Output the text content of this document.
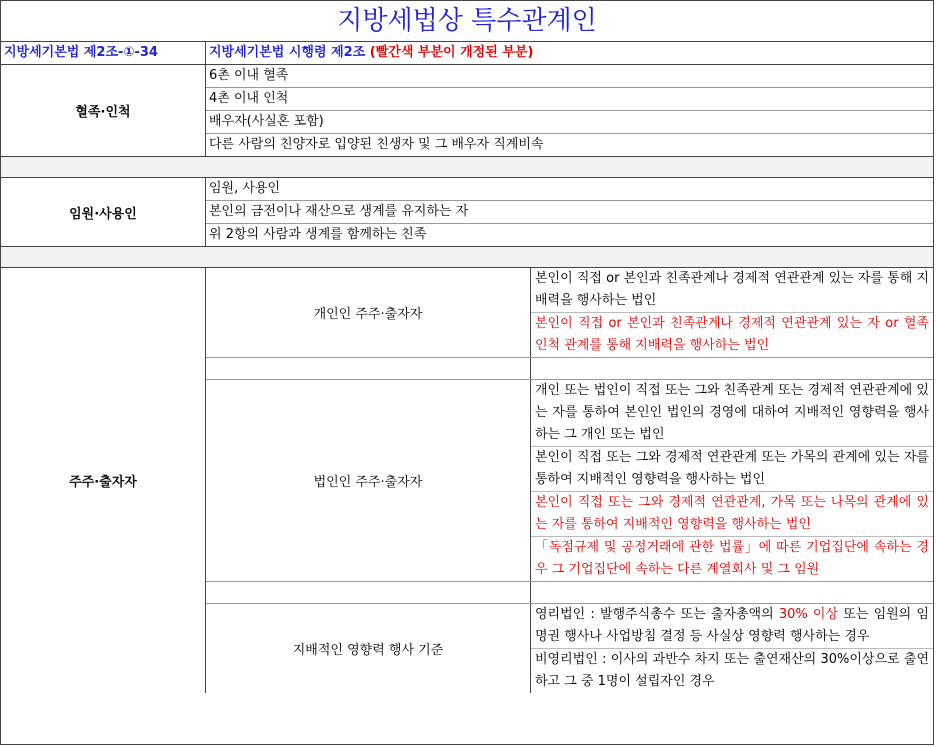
지방세법상 특수관계인
지방세기본법 제2조-①-34	지방세기본법 시행령 제2조 (빨간색 부분이 개정된 부분)
혈족·인척
6촌 이내 혈족
4촌 이내 인척
배우자(사실혼 포함)
다른 사람의 친양자로 입양된 친생자 및 그 배우자 직계비속
임원·사용인
임원, 사용인
본인의 금전이나 재산으로 생계를 유지하는 자
위 2항의 사람과 생계를 함께하는 친족
주주·출자자
개인인 주주·출자자
본인이 직접 or 본인과 친족관계나 경제적 연관관계 있는 자를 통해 지배력을 행사하는 법인
본인이 직접 or 본인과 친족관계나 경제적 연관관계 있는 자 or 혈족 인척 관계를 통해 지배력을 행사하는 법인
법인인 주주·출자자
개인 또는 법인이 직접 또는 그와 친족관계 또는 경제적 연관관계에 있는 자를 통하여 본인인 법인의 경영에 대하여 지배적인 영향력을 행사하는 그 개인 또는 법인
본인이 직접 또는 그와 경제적 연관관계 또는 가목의 관계에 있는 자를 통하여 지배적인 영향력을 행사하는 법인
본인이 직접 또는 그와 경제적 연관관계, 가목 또는 나목의 관계에 있는 자를 통하여 지배적인 영향력을 행사하는 법인
「독점규제 및 공정거래에 관한 법률」에 따른 기업집단에 속하는 경우 그 기업집단에 속하는 다른 계열회사 및 그 임원
지배적인 영향력 행사 기준
영리법인 : 발행주식총수 또는 출자총액의 30% 이상 또는 임원의 임명권 행사나 사업방침 결정 등 사실상 영향력 행사하는 경우
비영리법인 : 이사의 과반수 차지 또는 출연재산의 30%이상으로 출연하고 그 중 1명이 설립자인 경우
